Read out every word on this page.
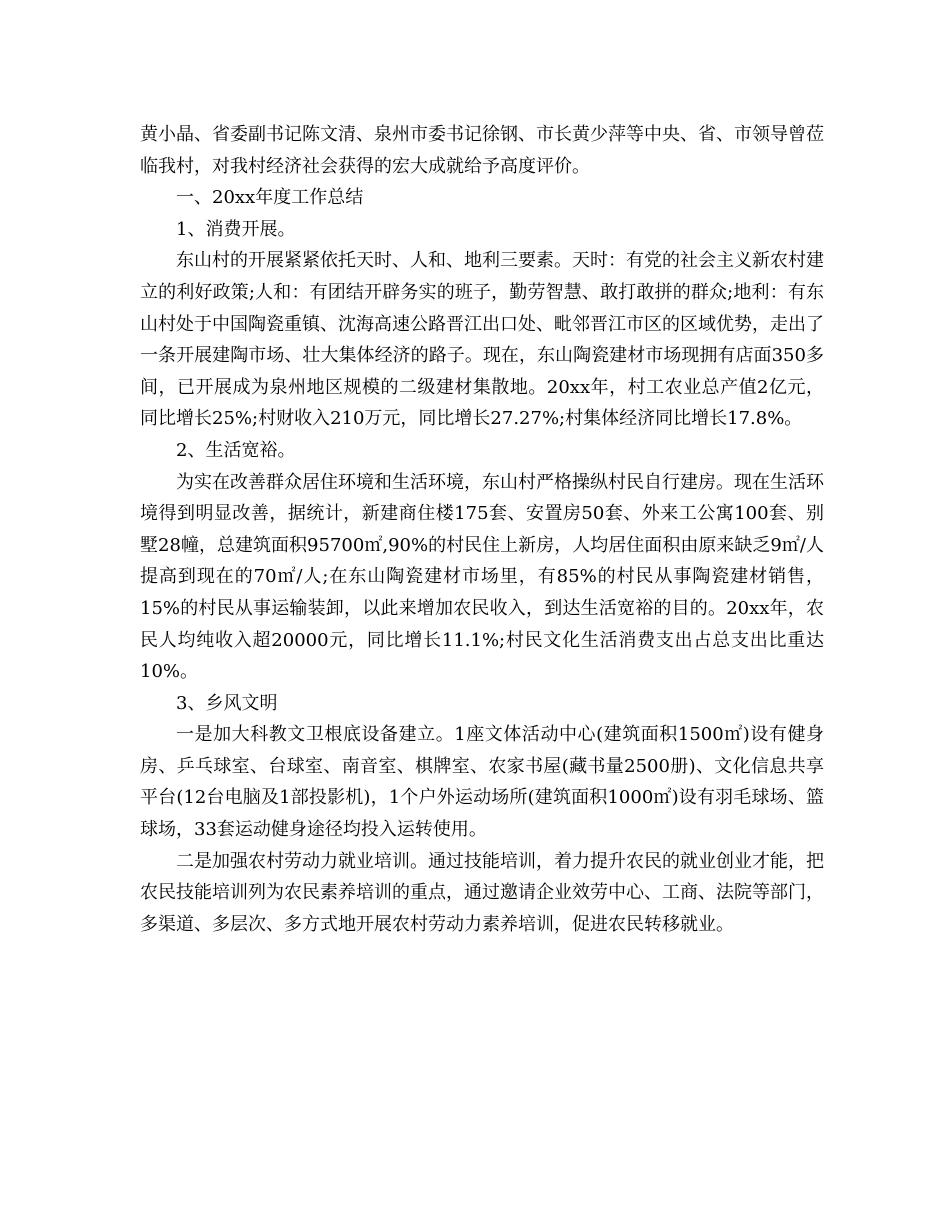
黄小晶、省委副书记陈文清、泉州市委书记徐钢、市长黄少萍等中央、省、市领导曾莅临我村，对我村经济社会获得的宏大成就给予高度评价。

一、20xx年度工作总结

1、消费开展。

东山村的开展紧紧依托天时、人和、地利三要素。天时：有党的社会主义新农村建立的利好政策;人和：有团结开辟务实的班子，勤劳智慧、敢打敢拼的群众;地利：有东山村处于中国陶瓷重镇、沈海高速公路晋江出口处、毗邻晋江市区的区域优势，走出了一条开展建陶市场、壮大集体经济的路子。现在，东山陶瓷建材市场现拥有店面350多间，已开展成为泉州地区规模的二级建材集散地。20xx年，村工农业总产值2亿元，同比增长25%;村财收入210万元，同比增长27.27%;村集体经济同比增长17.8%。

2、生活宽裕。

为实在改善群众居住环境和生活环境，东山村严格操纵村民自行建房。现在生活环境得到明显改善，据统计，新建商住楼175套、安置房50套、外来工公寓100套、别墅28幢，总建筑面积95700㎡,90%的村民住上新房，人均居住面积由原来缺乏9㎡/人提高到现在的70㎡/人;在东山陶瓷建材市场里，有85%的村民从事陶瓷建材销售，15%的村民从事运输装卸，以此来增加农民收入，到达生活宽裕的目的。20xx年，农民人均纯收入超20000元，同比增长11.1%;村民文化生活消费支出占总支出比重达10%。

3、乡风文明

一是加大科教文卫根底设备建立。1座文体活动中心(建筑面积1500㎡)设有健身房、乒乓球室、台球室、南音室、棋牌室、农家书屋(藏书量2500册)、文化信息共享平台(12台电脑及1部投影机)，1个户外运动场所(建筑面积1000㎡)设有羽毛球场、篮球场，33套运动健身途径均投入运转使用。

二是加强农村劳动力就业培训。通过技能培训，着力提升农民的就业创业才能，把农民技能培训列为农民素养培训的重点，通过邀请企业效劳中心、工商、法院等部门，多渠道、多层次、多方式地开展农村劳动力素养培训，促进农民转移就业。
